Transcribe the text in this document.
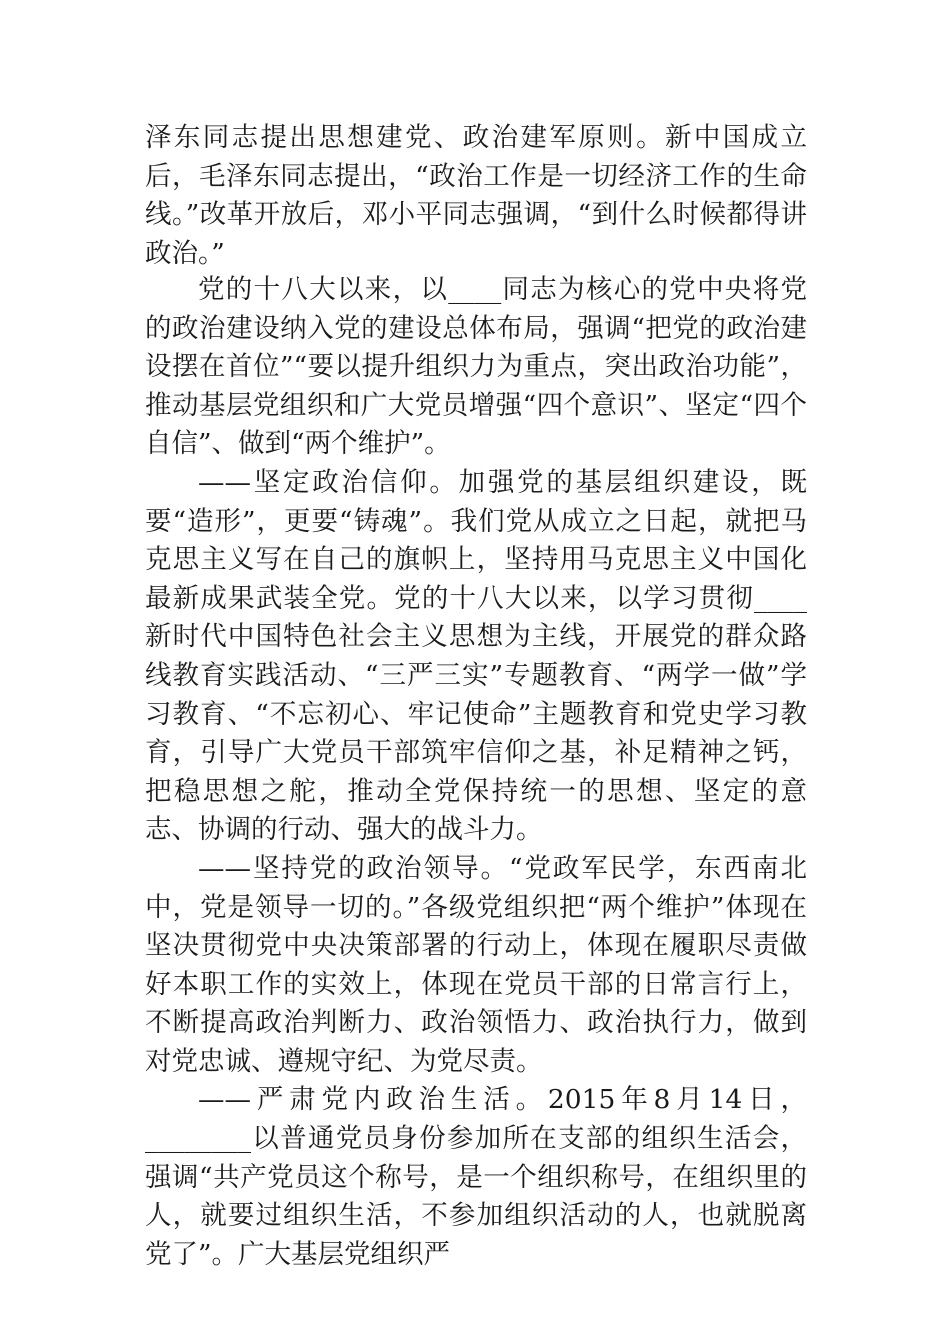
泽东同志提出思想建党、政治建军原则。新中国成立后，毛泽东同志提出，“政治工作是一切经济工作的生命线。”改革开放后，邓小平同志强调，“到什么时候都得讲政治。”

党的十八大以来，以____同志为核心的党中央将党的政治建设纳入党的建设总体布局，强调“把党的政治建设摆在首位”“要以提升组织力为重点，突出政治功能”，推动基层党组织和广大党员增强“四个意识”、坚定“四个自信”、做到“两个维护”。

——坚定政治信仰。加强党的基层组织建设，既要“造形”，更要“铸魂”。我们党从成立之日起，就把马克思主义写在自己的旗帜上，坚持用马克思主义中国化最新成果武装全党。党的十八大以来，以学习贯彻____新时代中国特色社会主义思想为主线，开展党的群众路线教育实践活动、“三严三实”专题教育、“两学一做”学习教育、“不忘初心、牢记使命”主题教育和党史学习教育，引导广大党员干部筑牢信仰之基，补足精神之钙，把稳思想之舵，推动全党保持统一的思想、坚定的意志、协调的行动、强大的战斗力。

——坚持党的政治领导。“党政军民学，东西南北中，党是领导一切的。”各级党组织把“两个维护”体现在坚决贯彻党中央决策部署的行动上，体现在履职尽责做好本职工作的实效上，体现在党员干部的日常言行上，不断提高政治判断力、政治领悟力、政治执行力，做到对党忠诚、遵规守纪、为党尽责。

——严肃党内政治生活。2015年8月14日，________以普通党员身份参加所在支部的组织生活会，强调“共产党员这个称号，是一个组织称号，在组织里的人，就要过组织生活，不参加组织活动的人，也就脱离党了”。广大基层党组织严
